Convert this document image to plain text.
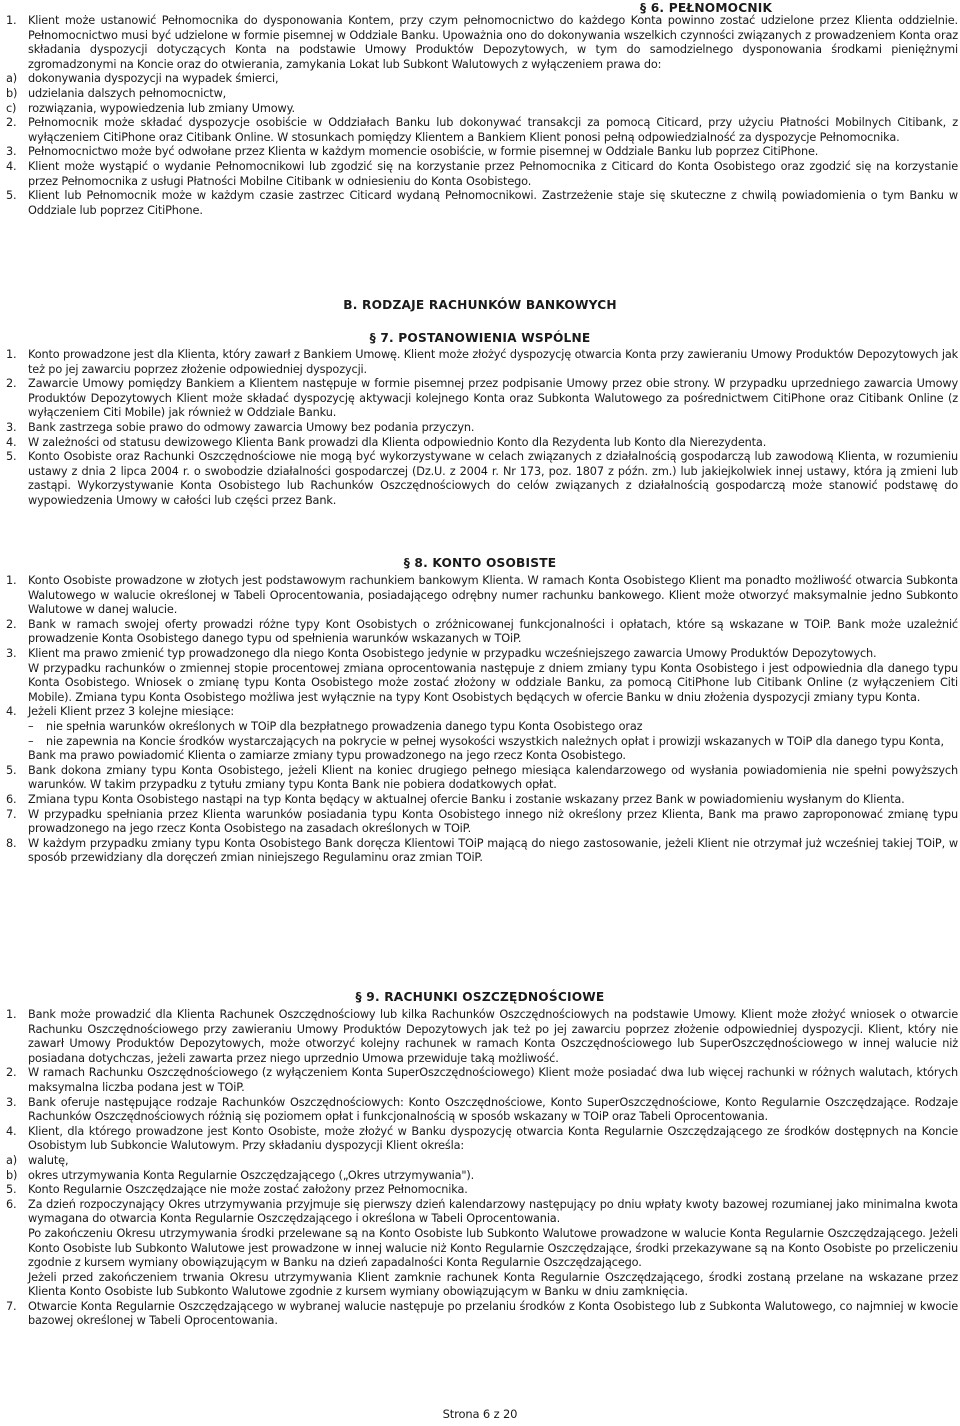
§ 6. PEŁNOMOCNIK
1. Klient może ustanowić Pełnomocnika do dysponowania Kontem, przy czym pełnomocnictwo do każdego Konta powinno zostać udzielone przez Klienta oddzielnie. Pełnomocnictwo musi być udzielone w formie pisemnej w Oddziale Banku. Upoważnia ono do dokonywania wszelkich czynności związanych z prowadzeniem Konta oraz składania dyspozycji dotyczących Konta na podstawie Umowy Produktów Depozytowych, w tym do samodzielnego dysponowania środkami pieniężnymi zgromadzonymi na Koncie oraz do otwierania, zamykania Lokat lub Subkont Walutowych z wyłączeniem prawa do:
a) dokonywania dyspozycji na wypadek śmierci,
b) udzielania dalszych pełnomocnictw,
c) rozwiązania, wypowiedzenia lub zmiany Umowy.
2. Pełnomocnik może składać dyspozycje osobiście w Oddziałach Banku lub dokonywać transakcji za pomocą Citicard, przy użyciu Płatności Mobilnych Citibank, z wyłączeniem CitiPhone oraz Citibank Online. W stosunkach pomiędzy Klientem a Bankiem Klient ponosi pełną odpowiedzialność za dyspozycje Pełnomocnika.
3. Pełnomocnictwo może być odwołane przez Klienta w każdym momencie osobiście, w formie pisemnej w Oddziale Banku lub poprzez CitiPhone.
4. Klient może wystąpić o wydanie Pełnomocnikowi lub zgodzić się na korzystanie przez Pełnomocnika z Citicard do Konta Osobistego oraz zgodzić się na korzystanie przez Pełnomocnika z usługi Płatności Mobilne Citibank w odniesieniu do Konta Osobistego.
5. Klient lub Pełnomocnik może w każdym czasie zastrzec Citicard wydaną Pełnomocnikowi. Zastrzeżenie staje się skuteczne z chwilą powiadomienia o tym Banku w Oddziale lub poprzez CitiPhone.
B. RODZAJE RACHUNKÓW BANKOWYCH
§ 7. POSTANOWIENIA WSPÓLNE
1. Konto prowadzone jest dla Klienta, który zawarł z Bankiem Umowę. Klient może złożyć dyspozycję otwarcia Konta przy zawieraniu Umowy Produktów Depozytowych jak też po jej zawarciu poprzez złożenie odpowiedniej dyspozycji.
2. Zawarcie Umowy pomiędzy Bankiem a Klientem następuje w formie pisemnej przez podpisanie Umowy przez obie strony. W przypadku uprzedniego zawarcia Umowy Produktów Depozytowych Klient może składać dyspozycję aktywacji kolejnego Konta oraz Subkonta Walutowego za pośrednictwem CitiPhone oraz Citibank Online (z wyłączeniem Citi Mobile) jak również w Oddziale Banku.
3. Bank zastrzega sobie prawo do odmowy zawarcia Umowy bez podania przyczyn.
4. W zależności od statusu dewizowego Klienta Bank prowadzi dla Klienta odpowiednio Konto dla Rezydenta lub Konto dla Nierezydenta.
5. Konto Osobiste oraz Rachunki Oszczędnościowe nie mogą być wykorzystywane w celach związanych z działalnością gospodarczą lub zawodową Klienta, w rozumieniu ustawy z dnia 2 lipca 2004 r. o swobodzie działalności gospodarczej (Dz.U. z 2004 r. Nr 173, poz. 1807 z późn. zm.) lub jakiejkolwiek innej ustawy, która ją zmieni lub zastąpi. Wykorzystywanie Konta Osobistego lub Rachunków Oszczędnościowych do celów związanych z działalnością gospodarczą może stanowić podstawę do wypowiedzenia Umowy w całości lub części przez Bank.
§ 8. KONTO OSOBISTE
1. Konto Osobiste prowadzone w złotych jest podstawowym rachunkiem bankowym Klienta. W ramach Konta Osobistego Klient ma ponadto możliwość otwarcia Subkonta Walutowego w walucie określonej w Tabeli Oprocentowania, posiadającego odrębny numer rachunku bankowego. Klient może otworzyć maksymalnie jedno Subkonto Walutowe w danej walucie.
2. Bank w ramach swojej oferty prowadzi różne typy Kont Osobistych o zróżnicowanej funkcjonalności i opłatach, które są wskazane w TOiP. Bank może uzależnić prowadzenie Konta Osobistego danego typu od spełnienia warunków wskazanych w TOiP.
3. Klient ma prawo zmienić typ prowadzonego dla niego Konta Osobistego jedynie w przypadku wcześniejszego zawarcia Umowy Produktów Depozytowych.
W przypadku rachunków o zmiennej stopie procentowej zmiana oprocentowania następuje z dniem zmiany typu Konta Osobistego i jest odpowiednia dla danego typu Konta Osobistego. Wniosek o zmianę typu Konta Osobistego może zostać złożony w oddziale Banku, za pomocą CitiPhone lub Citibank Online (z wyłączeniem Citi Mobile). Zmiana typu Konta Osobistego możliwa jest wyłącznie na typy Kont Osobistych będących w ofercie Banku w dniu złożenia dyspozycji zmiany typu Konta.
4. Jeżeli Klient przez 3 kolejne miesiące:
– nie spełnia warunków określonych w TOiP dla bezpłatnego prowadzenia danego typu Konta Osobistego oraz
– nie zapewnia na Koncie środków wystarczających na pokrycie w pełnej wysokości wszystkich należnych opłat i prowizji wskazanych w TOiP dla danego typu Konta,
Bank ma prawo powiadomić Klienta o zamiarze zmiany typu prowadzonego na jego rzecz Konta Osobistego.
5. Bank dokona zmiany typu Konta Osobistego, jeżeli Klient na koniec drugiego pełnego miesiąca kalendarzowego od wysłania powiadomienia nie spełni powyższych warunków. W takim przypadku z tytułu zmiany typu Konta Bank nie pobiera dodatkowych opłat.
6. Zmiana typu Konta Osobistego nastąpi na typ Konta będący w aktualnej ofercie Banku i zostanie wskazany przez Bank w powiadomieniu wysłanym do Klienta.
7. W przypadku spełniania przez Klienta warunków posiadania typu Konta Osobistego innego niż określony przez Klienta, Bank ma prawo zaproponować zmianę typu prowadzonego na jego rzecz Konta Osobistego na zasadach określonych w TOiP.
8. W każdym przypadku zmiany typu Konta Osobistego Bank doręcza Klientowi TOiP mającą do niego zastosowanie, jeżeli Klient nie otrzymał już wcześniej takiej TOiP, w sposób przewidziany dla doręczeń zmian niniejszego Regulaminu oraz zmian TOiP.
§ 9. RACHUNKI OSZCZĘDNOŚCIOWE
1. Bank może prowadzić dla Klienta Rachunek Oszczędnościowy lub kilka Rachunków Oszczędnościowych na podstawie Umowy. Klient może złożyć wniosek o otwarcie Rachunku Oszczędnościowego przy zawieraniu Umowy Produktów Depozytowych jak też po jej zawarciu poprzez złożenie odpowiedniej dyspozycji. Klient, który nie zawarł Umowy Produktów Depozytowych, może otworzyć kolejny rachunek w ramach Konta Oszczędnościowego lub SuperOszczędnościowego w innej walucie niż posiadana dotychczas, jeżeli zawarta przez niego uprzednio Umowa przewiduje taką możliwość.
2. W ramach Rachunku Oszczędnościowego (z wyłączeniem Konta SuperOszczędnościowego) Klient może posiadać dwa lub więcej rachunki w różnych walutach, których maksymalna liczba podana jest w TOiP.
3. Bank oferuje następujące rodzaje Rachunków Oszczędnościowych: Konto Oszczędnościowe, Konto SuperOszczędnościowe, Konto Regularnie Oszczędzające. Rodzaje Rachunków Oszczędnościowych różnią się poziomem opłat i funkcjonalnością w sposób wskazany w TOiP oraz Tabeli Oprocentowania.
4. Klient, dla którego prowadzone jest Konto Osobiste, może złożyć w Banku dyspozycję otwarcia Konta Regularnie Oszczędzającego ze środków dostępnych na Koncie Osobistym lub Subkoncie Walutowym. Przy składaniu dyspozycji Klient określa:
a) walutę,
b) okres utrzymywania Konta Regularnie Oszczędzającego („Okres utrzymywania").
5. Konto Regularnie Oszczędzające nie może zostać założony przez Pełnomocnika.
6. Za dzień rozpoczynający Okres utrzymywania przyjmuje się pierwszy dzień kalendarzowy następujący po dniu wpłaty kwoty bazowej rozumianej jako minimalna kwota wymagana do otwarcia Konta Regularnie Oszczędzającego i określona w Tabeli Oprocentowania.
Po zakończeniu Okresu utrzymywania środki przelewane są na Konto Osobiste lub Subkonto Walutowe prowadzone w walucie Konta Regularnie Oszczędzającego. Jeżeli Konto Osobiste lub Subkonto Walutowe jest prowadzone w innej walucie niż Konto Regularnie Oszczędzające, środki przekazywane są na Konto Osobiste po przeliczeniu zgodnie z kursem wymiany obowiązującym w Banku na dzień zapadalności Konta Regularnie Oszczędzającego.
Jeżeli przed zakończeniem trwania Okresu utrzymywania Klient zamknie rachunek Konta Regularnie Oszczędzającego, środki zostaną przelane na wskazane przez Klienta Konto Osobiste lub Subkonto Walutowe zgodnie z kursem wymiany obowiązującym w Banku w dniu zamknięcia.
7. Otwarcie Konta Regularnie Oszczędzającego w wybranej walucie następuje po przelaniu środków z Konta Osobistego lub z Subkonta Walutowego, co najmniej w kwocie bazowej określonej w Tabeli Oprocentowania.
Strona 6 z 20
